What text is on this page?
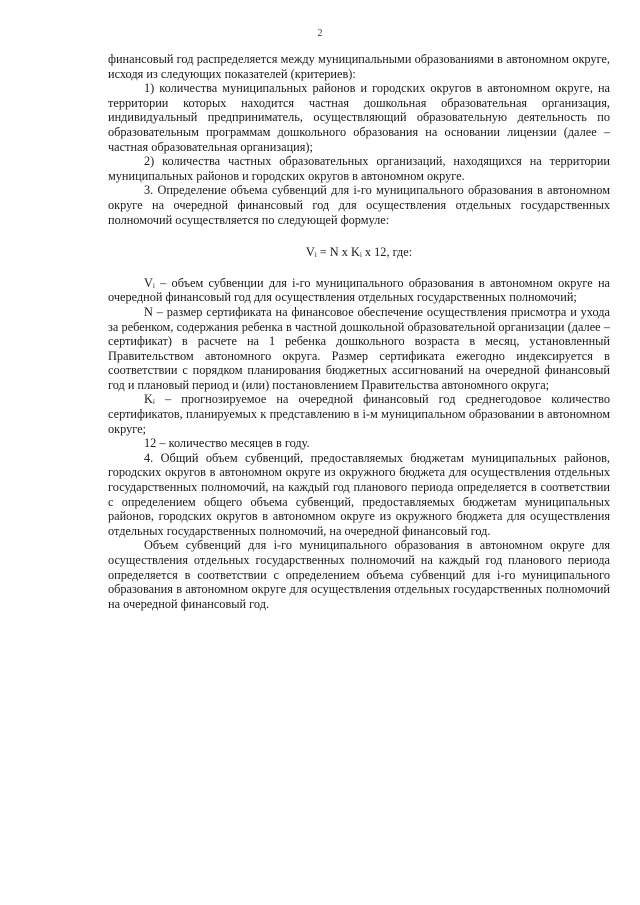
2

финансовый год распределяется между муниципальными образованиями в автономном округе, исходя из следующих показателей (критериев):

1) количества муниципальных районов и городских округов в автономном округе, на территории которых находится частная дошкольная образовательная организация, индивидуальный предприниматель, осуществляющий образовательную деятельность по образовательным программам дошкольного образования на основании лицензии (далее – частная образовательная организация);

2) количества частных образовательных организаций, находящихся на территории муниципальных районов и городских округов в автономном округе.

3. Определение объема субвенций для i-го муниципального образования в автономном округе на очередной финансовый год для осуществления отдельных государственных полномочий осуществляется по следующей формуле:

Vᵢ = N x Kᵢ x 12, где:

Vᵢ – объем субвенции для i-го муниципального образования в автономном округе на очередной финансовый год для осуществления отдельных государственных полномочий;

N – размер сертификата на финансовое обеспечение осуществления присмотра и ухода за ребенком, содержания ребенка в частной дошкольной образовательной организации (далее – сертификат) в расчете на 1 ребенка дошкольного возраста в месяц, установленный Правительством автономного округа. Размер сертификата ежегодно индексируется в соответствии с порядком планирования бюджетных ассигнований на очередной финансовый год и плановый период и (или) постановлением Правительства автономного округа;

Kᵢ – прогнозируемое на очередной финансовый год среднегодовое количество сертификатов, планируемых к представлению в i-м муниципальном образовании в автономном округе;

12 – количество месяцев в году.

4. Общий объем субвенций, предоставляемых бюджетам муниципальных районов, городских округов в автономном округе из окружного бюджета для осуществления отдельных государственных полномочий, на каждый год планового периода определяется в соответствии с определением общего объема субвенций, предоставляемых бюджетам муниципальных районов, городских округов в автономном округе из окружного бюджета для осуществления отдельных государственных полномочий, на очередной финансовый год.

Объем субвенций для i-го муниципального образования в автономном округе для осуществления отдельных государственных полномочий на каждый год планового периода определяется в соответствии с определением объема субвенций для i-го муниципального образования в автономном округе для осуществления отдельных государственных полномочий на очередной финансовый год.
